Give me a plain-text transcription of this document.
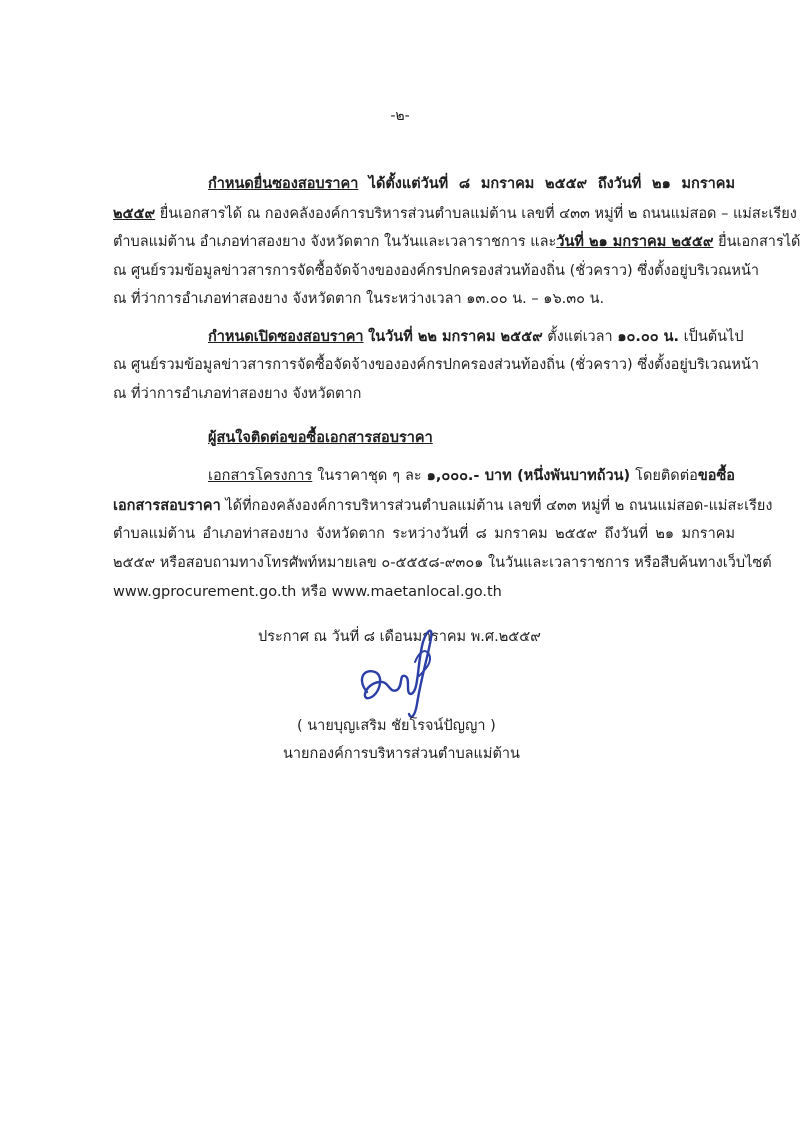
-๒-
กำหนดยื่นซองสอบราคา ได้ตั้งแต่วันที่ ๘ มกราคม ๒๕๕๙ ถึงวันที่ ๒๑ มกราคม
๒๕๕๙ ยื่นเอกสารได้ ณ กองคลังองค์การบริหารส่วนตำบลแม่ต้าน เลขที่ ๔๓๓ หมู่ที่ ๒ ถนนแม่สอด – แม่สะเรียง
ตำบลแม่ต้าน อำเภอท่าสองยาง จังหวัดตาก ในวันและเวลาราชการ และวันที่ ๒๑ มกราคม ๒๕๕๙ ยื่นเอกสารได้
ณ ศูนย์รวมข้อมูลข่าวสารการจัดซื้อจัดจ้างขององค์กรปกครองส่วนท้องถิ่น (ชั่วคราว) ซึ่งตั้งอยู่บริเวณหน้า
ณ ที่ว่าการอำเภอท่าสองยาง จังหวัดตาก ในระหว่างเวลา ๑๓.๐๐ น. – ๑๖.๓๐ น.
กำหนดเปิดซองสอบราคา ในวันที่ ๒๒ มกราคม ๒๕๕๙ ตั้งแต่เวลา ๑๐.๐๐ น. เป็นต้นไป
ณ ศูนย์รวมข้อมูลข่าวสารการจัดซื้อจัดจ้างขององค์กรปกครองส่วนท้องถิ่น (ชั่วคราว) ซึ่งตั้งอยู่บริเวณหน้า
ณ ที่ว่าการอำเภอท่าสองยาง จังหวัดตาก
ผู้สนใจติดต่อขอซื้อเอกสารสอบราคา
เอกสารโครงการ ในราคาชุด ๆ ละ ๑,๐๐๐.- บาท (หนึ่งพันบาทถ้วน) โดยติดต่อขอซื้อ
เอกสารสอบราคา ได้ที่กองคลังองค์การบริหารส่วนตำบลแม่ต้าน เลขที่ ๔๓๓ หมู่ที่ ๒ ถนนแม่สอด-แม่สะเรียง
ตำบลแม่ต้าน อำเภอท่าสองยาง จังหวัดตาก ระหว่างวันที่ ๘ มกราคม ๒๕๕๙ ถึงวันที่ ๒๑ มกราคม
๒๕๕๙ หรือสอบถามทางโทรศัพท์หมายเลข ๐-๕๕๕๘-๙๓๐๑ ในวันและเวลาราชการ หรือสืบค้นทางเว็บไซต์
www.gprocurement.go.th หรือ www.maetanlocal.go.th
ประกาศ ณ วันที่ ๘ เดือนมกราคม พ.ศ.๒๕๕๙
( นายบุญเสริม ชัยโรจน์ปัญญา )
นายกองค์การบริหารส่วนตำบลแม่ต้าน
